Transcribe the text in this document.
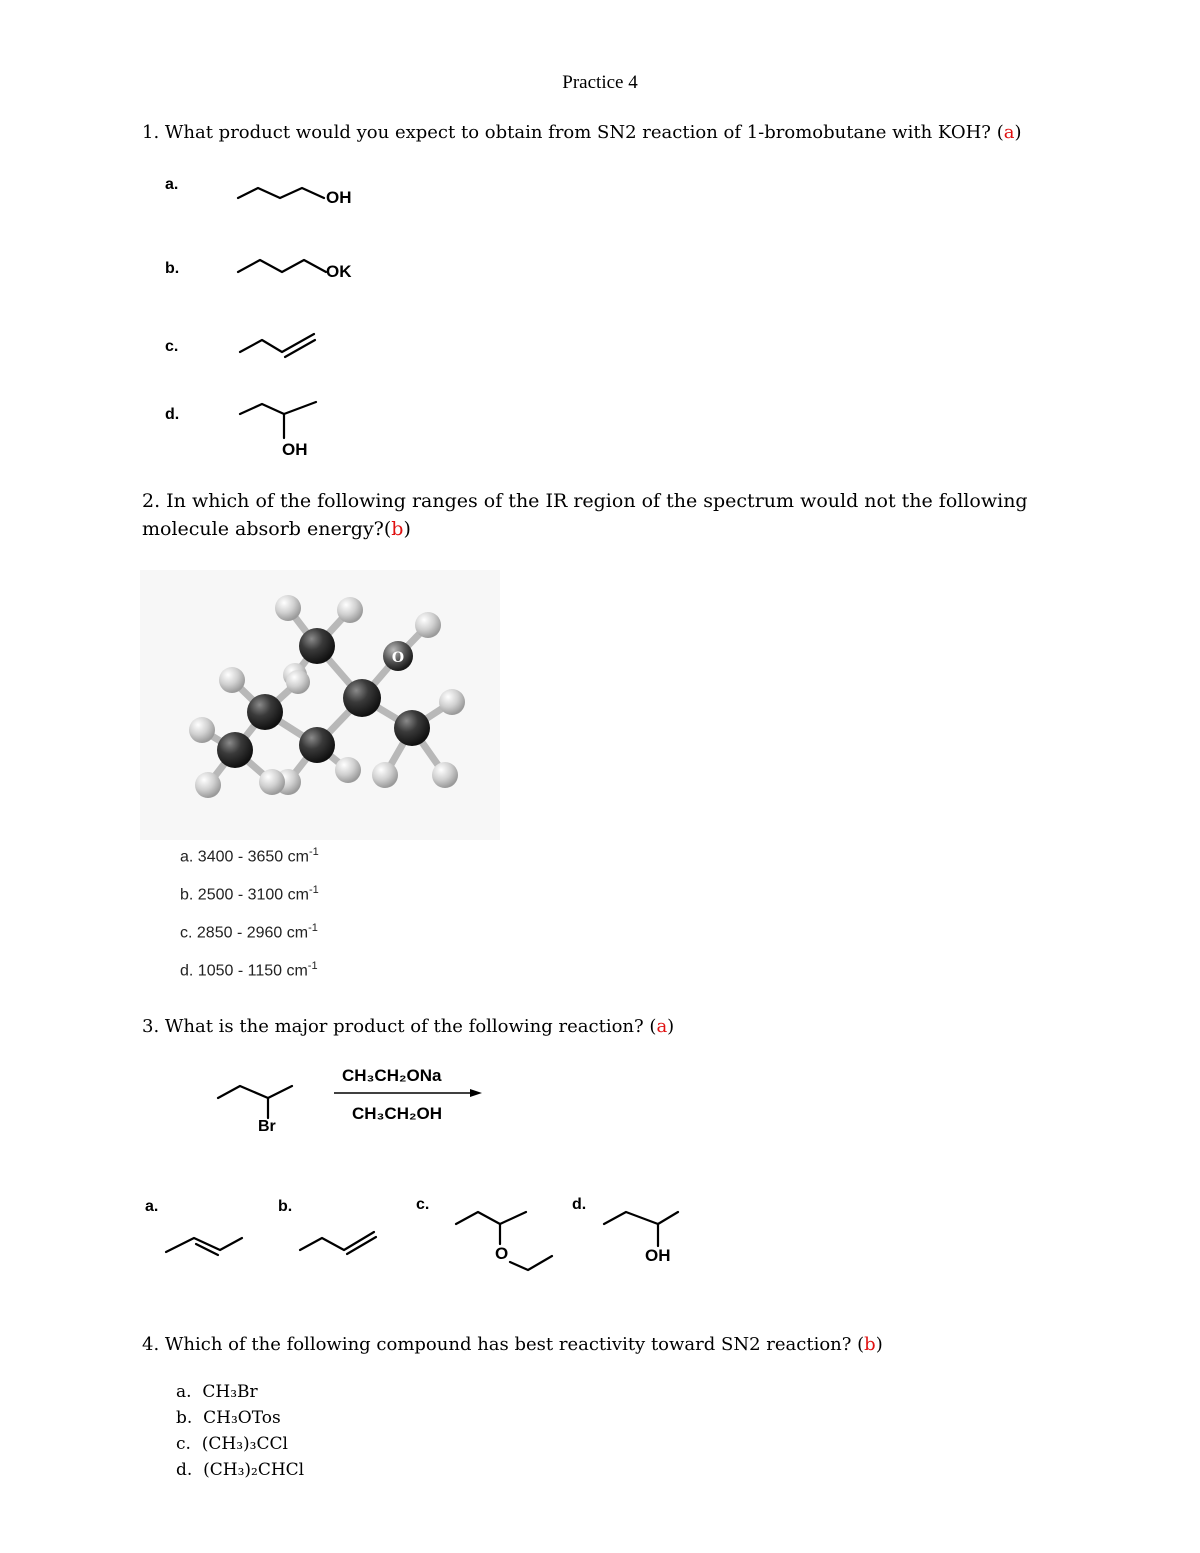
Practice 4
1. What product would you expect to obtain from SN2 reaction of 1-bromobutane with KOH? (a)
a.
OH
b.	OK
c.
d.
OH
2. In which of the following ranges of the IR region of the spectrum would not the following
molecule absorb energy?(b)
O
a. 3400 - 3650 $cm^{-1}$
b. 2500 - 3100 $cm^{-1}$
c. 2850 - 2960 $cm^{-1}$
d. 1050 - 1150 $cm^{-1}$
3. What is the major product of the following reaction? (a)
Br
CH₃CH₂ONa
CH₃CH₂OH
a.	b.	c.
O
d.
OH
4. Which of the following compound has best reactivity toward SN2 reaction? (b)
a. CH₃Br
b. CH₃OTos
c. (CH₃)₃CCl
d. (CH₃)₂CHCl
